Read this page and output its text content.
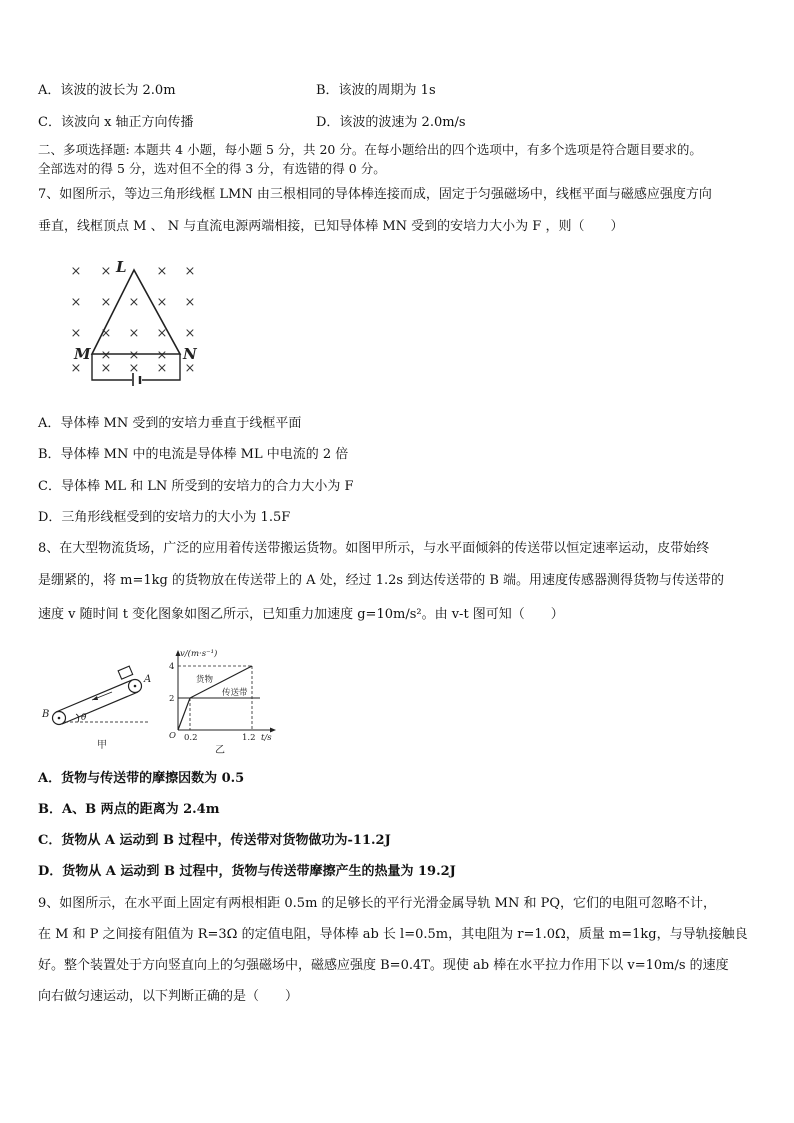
A．该波的波长为 2.0m	B．该波的周期为 1s
C．该波向 x 轴正方向传播	D．该波的波速为 2.0m/s
二、多项选择题: 本题共 4 小题，每小题 5 分，共 20 分。在每小题给出的四个选项中，有多个选项是符合题目要求的。
全部选对的得 5 分，选对但不全的得 3 分，有选错的得 0 分。
7、如图所示，等边三角形线框 LMN 由三根相同的导体棒连接而成，固定于匀强磁场中，线框平面与磁感应强度方向
垂直，线框顶点 M 、 N 与直流电源两端相接，已知导体棒 MN 受到的安培力大小为 F ，则（　　）
× ×	× ×
× × × × ×
× × × × ×
× × ×
×	×
× × ×
L
M	N
A．导体棒 MN 受到的安培力垂直于线框平面
B．导体棒 MN 中的电流是导体棒 ML 中电流的 2 倍
C．导体棒 ML 和 LN 所受到的安培力的合力大小为 F
D．三角形线框受到的安培力的大小为 1.5F
8、在大型物流货场，广泛的应用着传送带搬运货物。如图甲所示，与水平面倾斜的传送带以恒定速率运动，皮带始终
是绷紧的，将 m=1kg 的货物放在传送带上的 A 处，经过 1.2s 到达传送带的 B 端。用速度传感器测得货物与传送带的
速度 v 随时间 t 变化图象如图乙所示，已知重力加速度 g=10m/s²。由 v-t 图可知（　　）
A
B	θ
甲
v/(m·s⁻¹)
4
2
O 0.2	1.2 t/s
货物
传送带
乙
A．货物与传送带的摩擦因数为 0.5
B．A、B 两点的距离为 2.4m
C．货物从 A 运动到 B 过程中，传送带对货物做功为-11.2J
D．货物从 A 运动到 B 过程中，货物与传送带摩擦产生的热量为 19.2J
9、如图所示，在水平面上固定有两根相距 0.5m 的足够长的平行光滑金属导轨 MN 和 PQ，它们的电阻可忽略不计，
在 M 和 P 之间接有阻值为 R=3Ω 的定值电阻，导体棒 ab 长 l=0.5m，其电阻为 r=1.0Ω，质量 m=1kg，与导轨接触良
好。整个装置处于方向竖直向上的匀强磁场中，磁感应强度 B=0.4T。现使 ab 棒在水平拉力作用下以 v=10m/s 的速度
向右做匀速运动，以下判断正确的是（　　）
